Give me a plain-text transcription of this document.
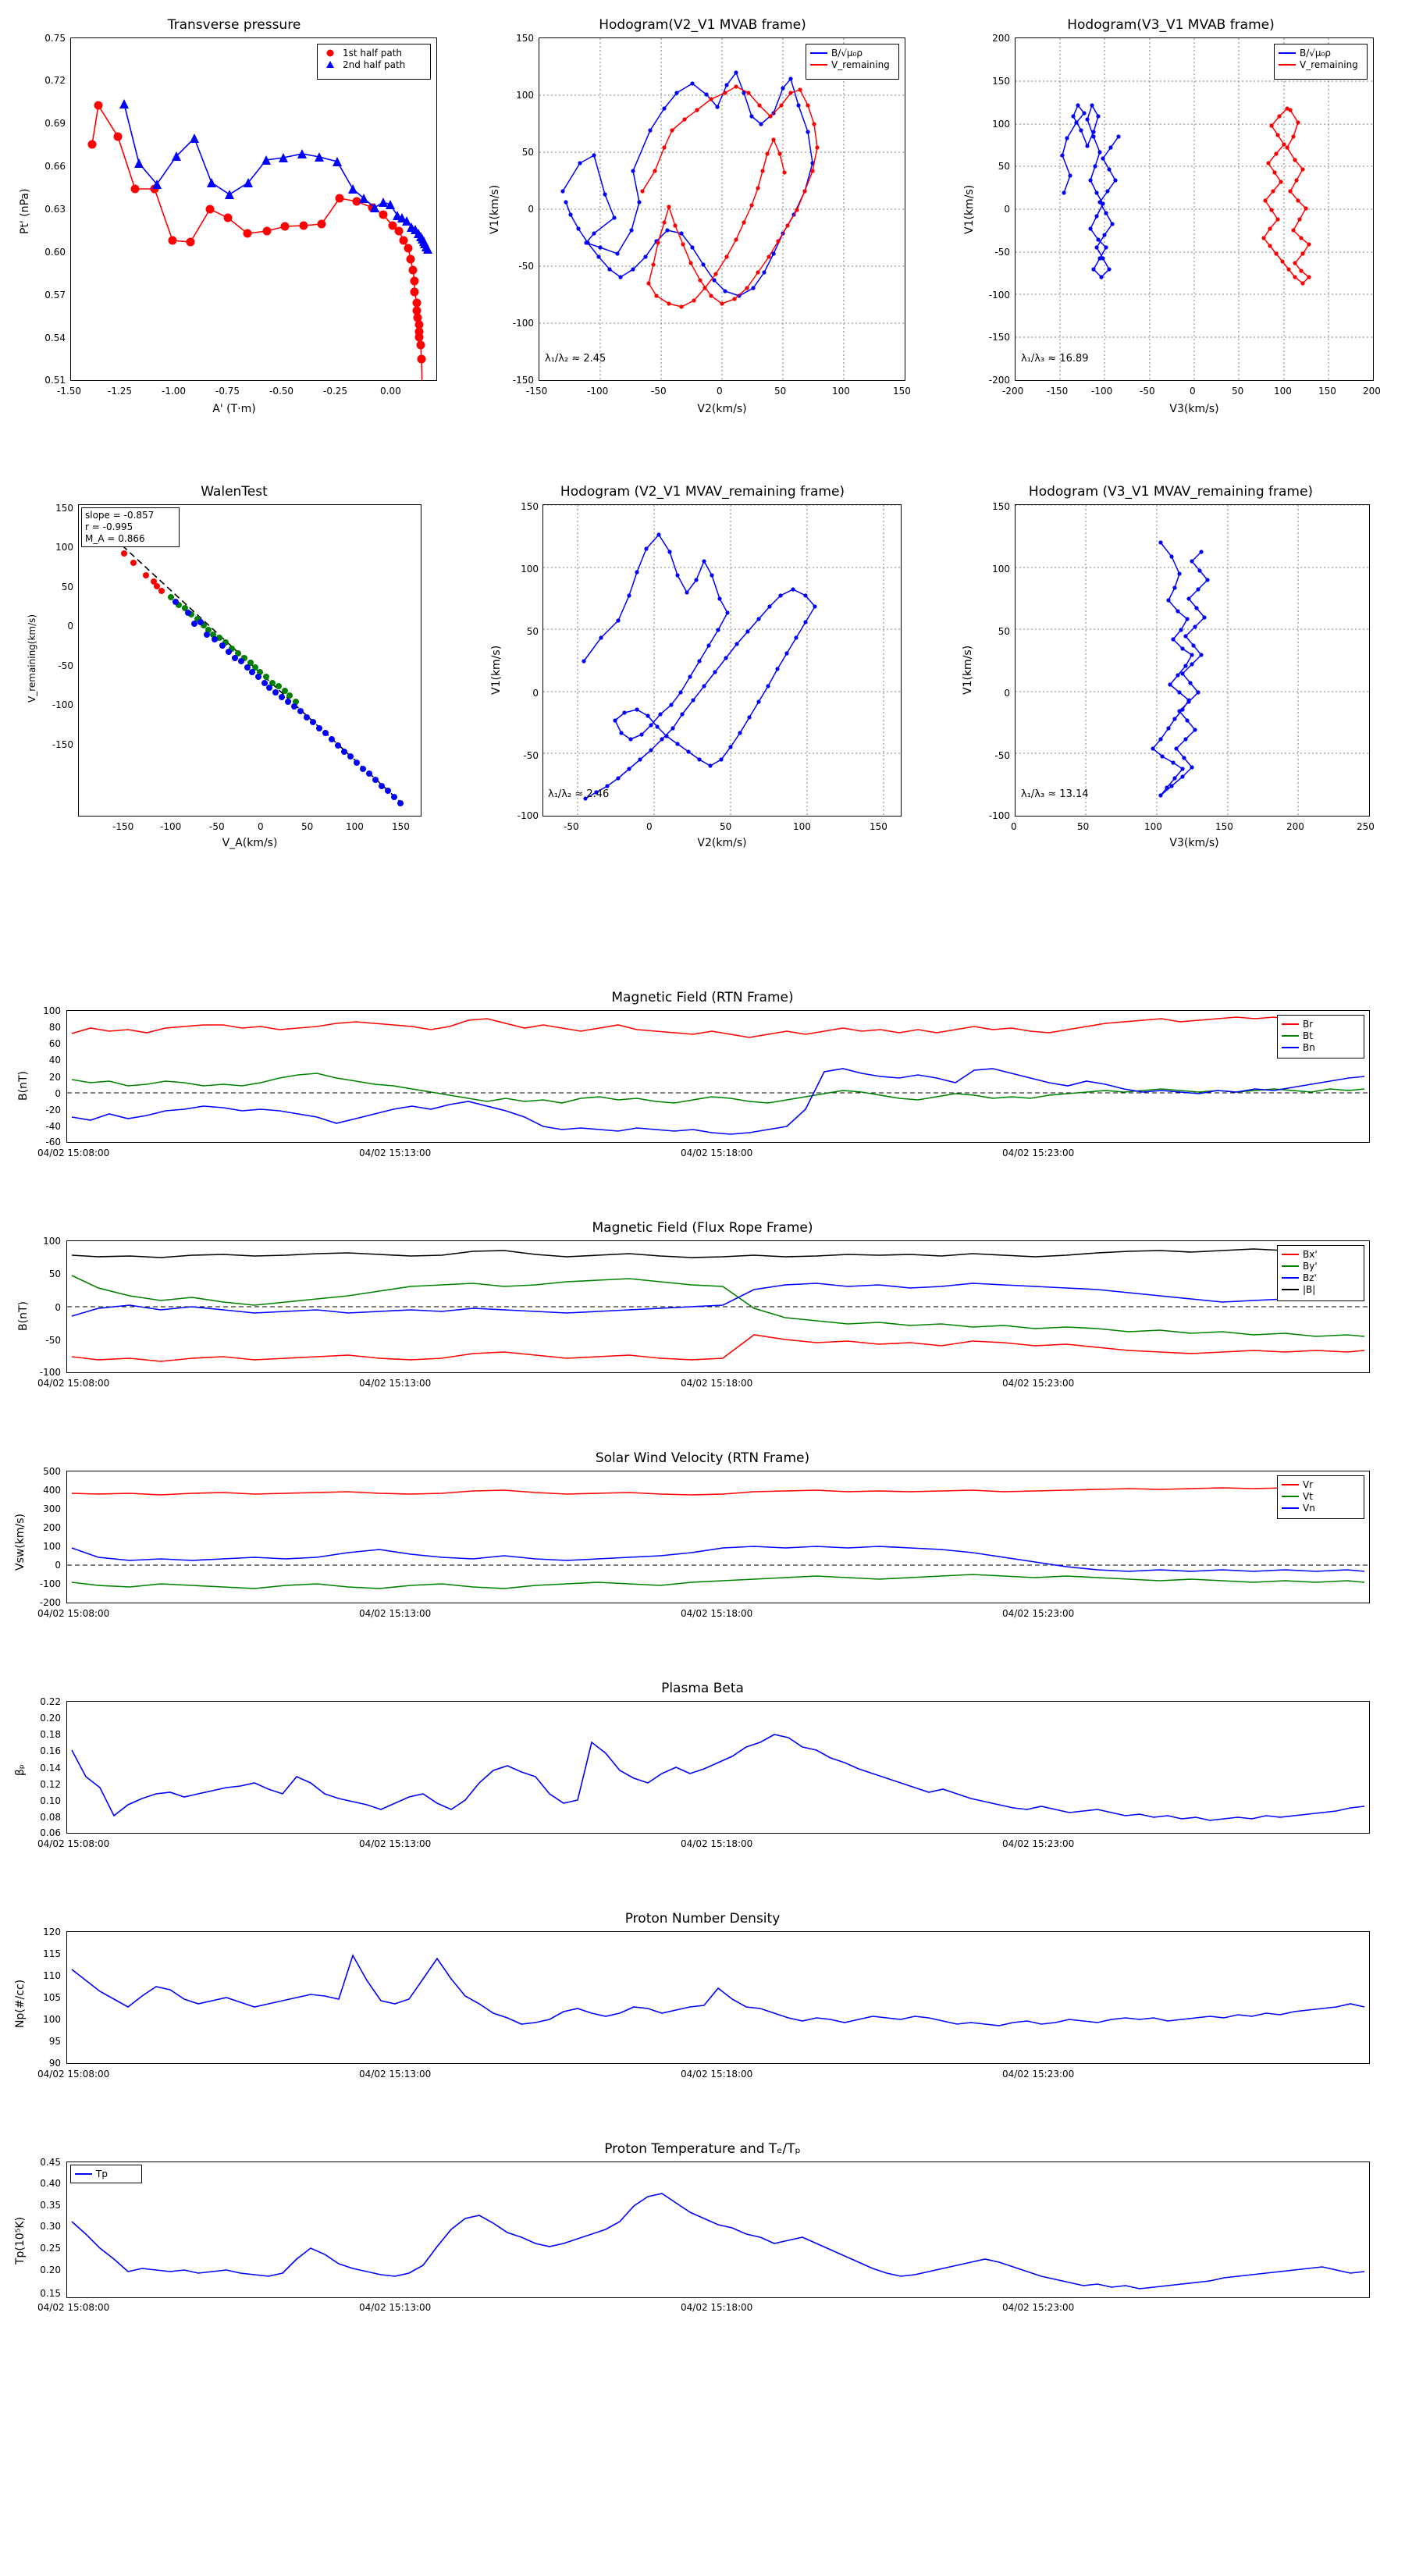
Transverse pressure
1st half path
2nd half path
0.75
0.72
0.69
0.66
0.63
0.60
0.57
0.54
0.51
-1.50	-1.25	-1.00	-0.75	-0.50	-0.25	0.00
A' (T·m)
Pt' (nPa)
Hodogram(V2_V1 MVAB frame)
B/√μ₀ρ
V_remaining
150
100
50
0
-50
-100
-150
-150	-100	-50	0	50	100	150
V2(km/s)
V1(km/s)
λ₁/λ₂ ≈ 2.45
Hodogram(V3_V1 MVAB frame)
B/√μ₀ρ
V_remaining
200
150
100
50
0
-50
-100
-150
-200
-200 -150 -100	-50	0	50	100	150	200
V3(km/s)
V1(km/s)
λ₁/λ₃ ≈ 16.89
WalenTest
slope = -0.857
r = -0.995
M_A = 0.866
150
100
50
0
-50
-100
-150
-150	-100	-50	0	50	100	150
V_A(km/s)
V_remaining(km/s)
Hodogram (V2_V1 MVAV_remaining frame)
150
100
50
0
-50
-100
-50	0	50	100	150
V2(km/s)
V1(km/s)
λ₁/λ₂ ≈ 2.46
Hodogram (V3_V1 MVAV_remaining frame)
150
100
50
0
-50
-100
0	50	100	150	200	250
V3(km/s)
V1(km/s)
λ₁/λ₃ ≈ 13.14
Magnetic Field (RTN Frame)
Br
Bt
Bn
100
80
60
40
20
0
-20
-40
-60
B(nT)
04/02 15:08:00	04/02 15:13:00	04/02 15:18:00	04/02 15:23:00
Magnetic Field (Flux Rope Frame)
Bx'
By'
Bz'
|B|
100
50
0
-50
-100
B(nT)
04/02 15:08:00	04/02 15:13:00	04/02 15:18:00	04/02 15:23:00
Solar Wind Velocity (RTN Frame)
Vr
Vt
Vn
500
400
300
200
100
0
-100
-200
Vsw(km/s)
04/02 15:08:00	04/02 15:13:00	04/02 15:18:00	04/02 15:23:00
Plasma Beta
0.22
0.20
0.18
0.16
0.14
0.12
0.10
0.08
0.06
βₚ
04/02 15:08:00	04/02 15:13:00	04/02 15:18:00	04/02 15:23:00
Proton Number Density
120
115
110
105
100
95
90
Np(#/cc)
04/02 15:08:00	04/02 15:13:00	04/02 15:18:00	04/02 15:23:00
Proton Temperature and Tₑ/Tₚ
Tp
0.45
0.40
0.35
0.30
0.25
0.20
0.15
Tp(10⁵K)
04/02 15:08:00	04/02 15:13:00	04/02 15:18:00	04/02 15:23:00
